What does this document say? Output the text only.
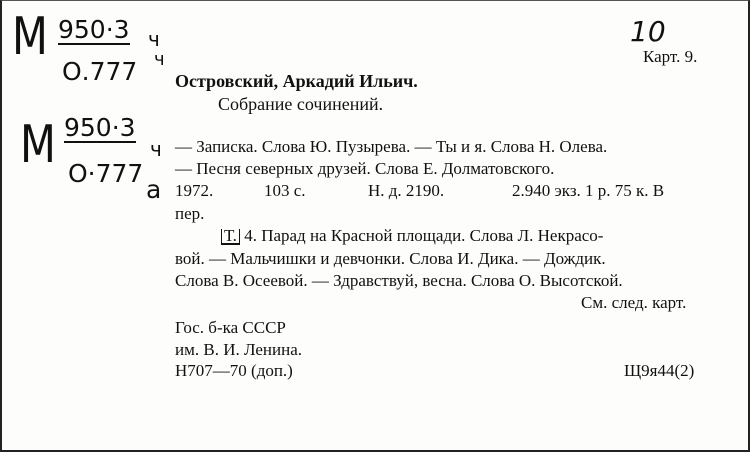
М 950·3 ч
О.777 ч
М 950·3
ч
О·777
а
10
Карт. 9.
Островский, Аркадий Ильич.
Собрание сочинений.
— Записка. Слова Ю. Пузырева. — Ты и я. Слова Н. Олева.
— Песня северных друзей. Слова Е. Долматовского.
1972.	103 с.	Н. д. 2190.	2.940 экз. 1 р. 75 к. В
пер.
Т. 4. Парад на Красной площади. Слова Л. Некрасо-
вой. — Мальчишки и девчонки. Слова И. Дика. — Дождик.
Слова В. Осеевой. — Здравствуй, весна. Слова О. Высотской.
См. след. карт.
Гос. б-ка СССР
им. В. И. Ленина.
Н707—70 (доп.)	Щ9я44(2)
